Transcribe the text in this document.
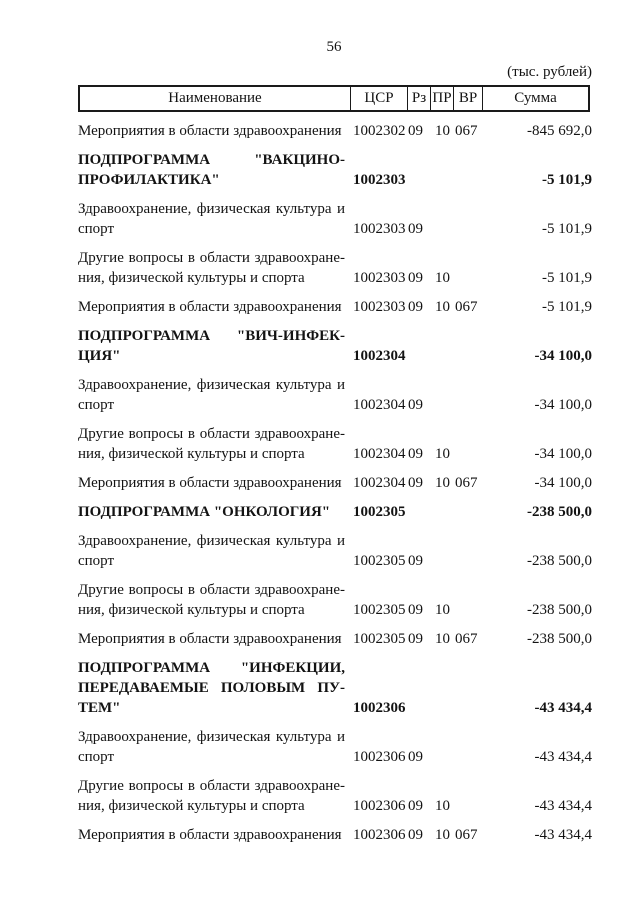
56
(тыс. рублей)
Наименование	ЦСР	Рз ПР ВР	Сумма
Мероприятия в области здравоохранения 1002302 09 10 067	-845 692,0
ПОДПРОГРАММА "ВАКЦИНО-
ПРОФИЛАКТИКА"	1002303	-5 101,9
Здравоохранение, физическая культура и
спорт	1002303 09	-5 101,9
Другие вопросы в области здравоохране-
ния, физической культуры и спорта	1002303 09 10	-5 101,9
Мероприятия в области здравоохранения 1002303 09 10 067	-5 101,9
ПОДПРОГРАММА "ВИЧ-ИНФЕК-
ЦИЯ"	1002304	-34 100,0
Здравоохранение, физическая культура и
спорт	1002304 09	-34 100,0
Другие вопросы в области здравоохране-
ния, физической культуры и спорта	1002304 09 10	-34 100,0
Мероприятия в области здравоохранения 1002304 09 10 067	-34 100,0
ПОДПРОГРАММА "ОНКОЛОГИЯ"	1002305	-238 500,0
Здравоохранение, физическая культура и
спорт	1002305 09	-238 500,0
Другие вопросы в области здравоохране-
ния, физической культуры и спорта	1002305 09 10	-238 500,0
Мероприятия в области здравоохранения 1002305 09 10 067	-238 500,0
ПОДПРОГРАММА "ИНФЕКЦИИ,
ПЕРЕДАВАЕМЫЕ ПОЛОВЫМ ПУ-
ТЕМ"	1002306	-43 434,4
Здравоохранение, физическая культура и
спорт	1002306 09	-43 434,4
Другие вопросы в области здравоохране-
ния, физической культуры и спорта	1002306 09 10	-43 434,4
Мероприятия в области здравоохранения 1002306 09 10 067	-43 434,4
